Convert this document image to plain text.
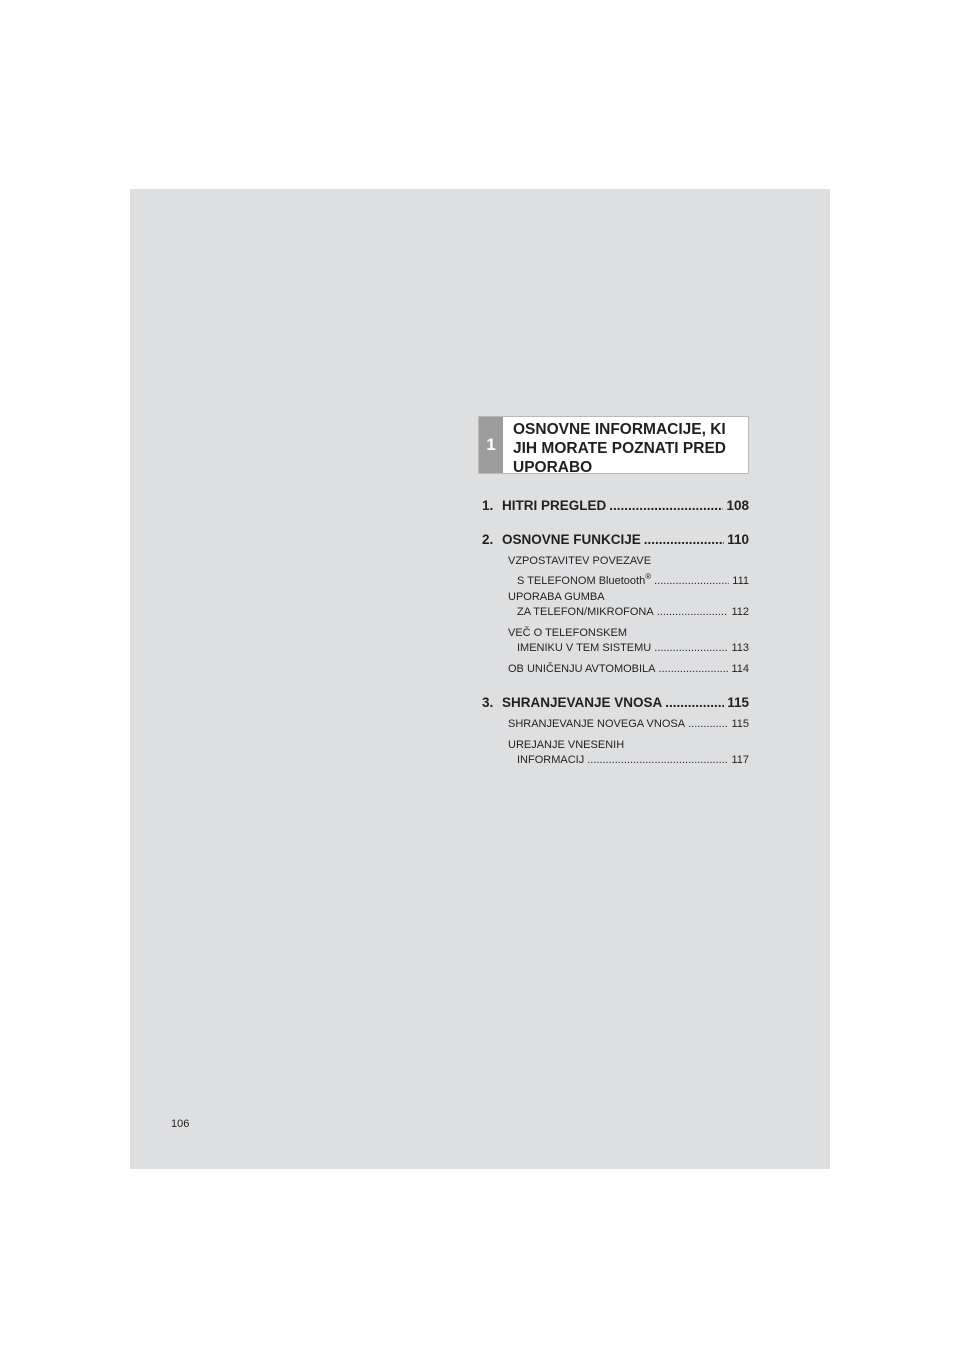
1
OSNOVNE INFORMACIJE, KI
JIH MORATE POZNATI PRED
UPORABO
1. HITRI PREGLED .....	108
2. OSNOVNE FUNKCIJE .....	110
VZPOSTAVITEV POVEZAVE
S TELEFONOM Bluetooth® .....	111
UPORABA GUMBA
ZA TELEFON/MIKROFONA .....	112
VEČ O TELEFONSKEM
IMENIKU V TEM SISTEMU .....	113
OB UNIČENJU AVTOMOBILA .....	114
3. SHRANJEVANJE VNOSA .....	115
SHRANJEVANJE NOVEGA VNOSA .....	115
UREJANJE VNESENIH
INFORMACIJ .....	117
106
